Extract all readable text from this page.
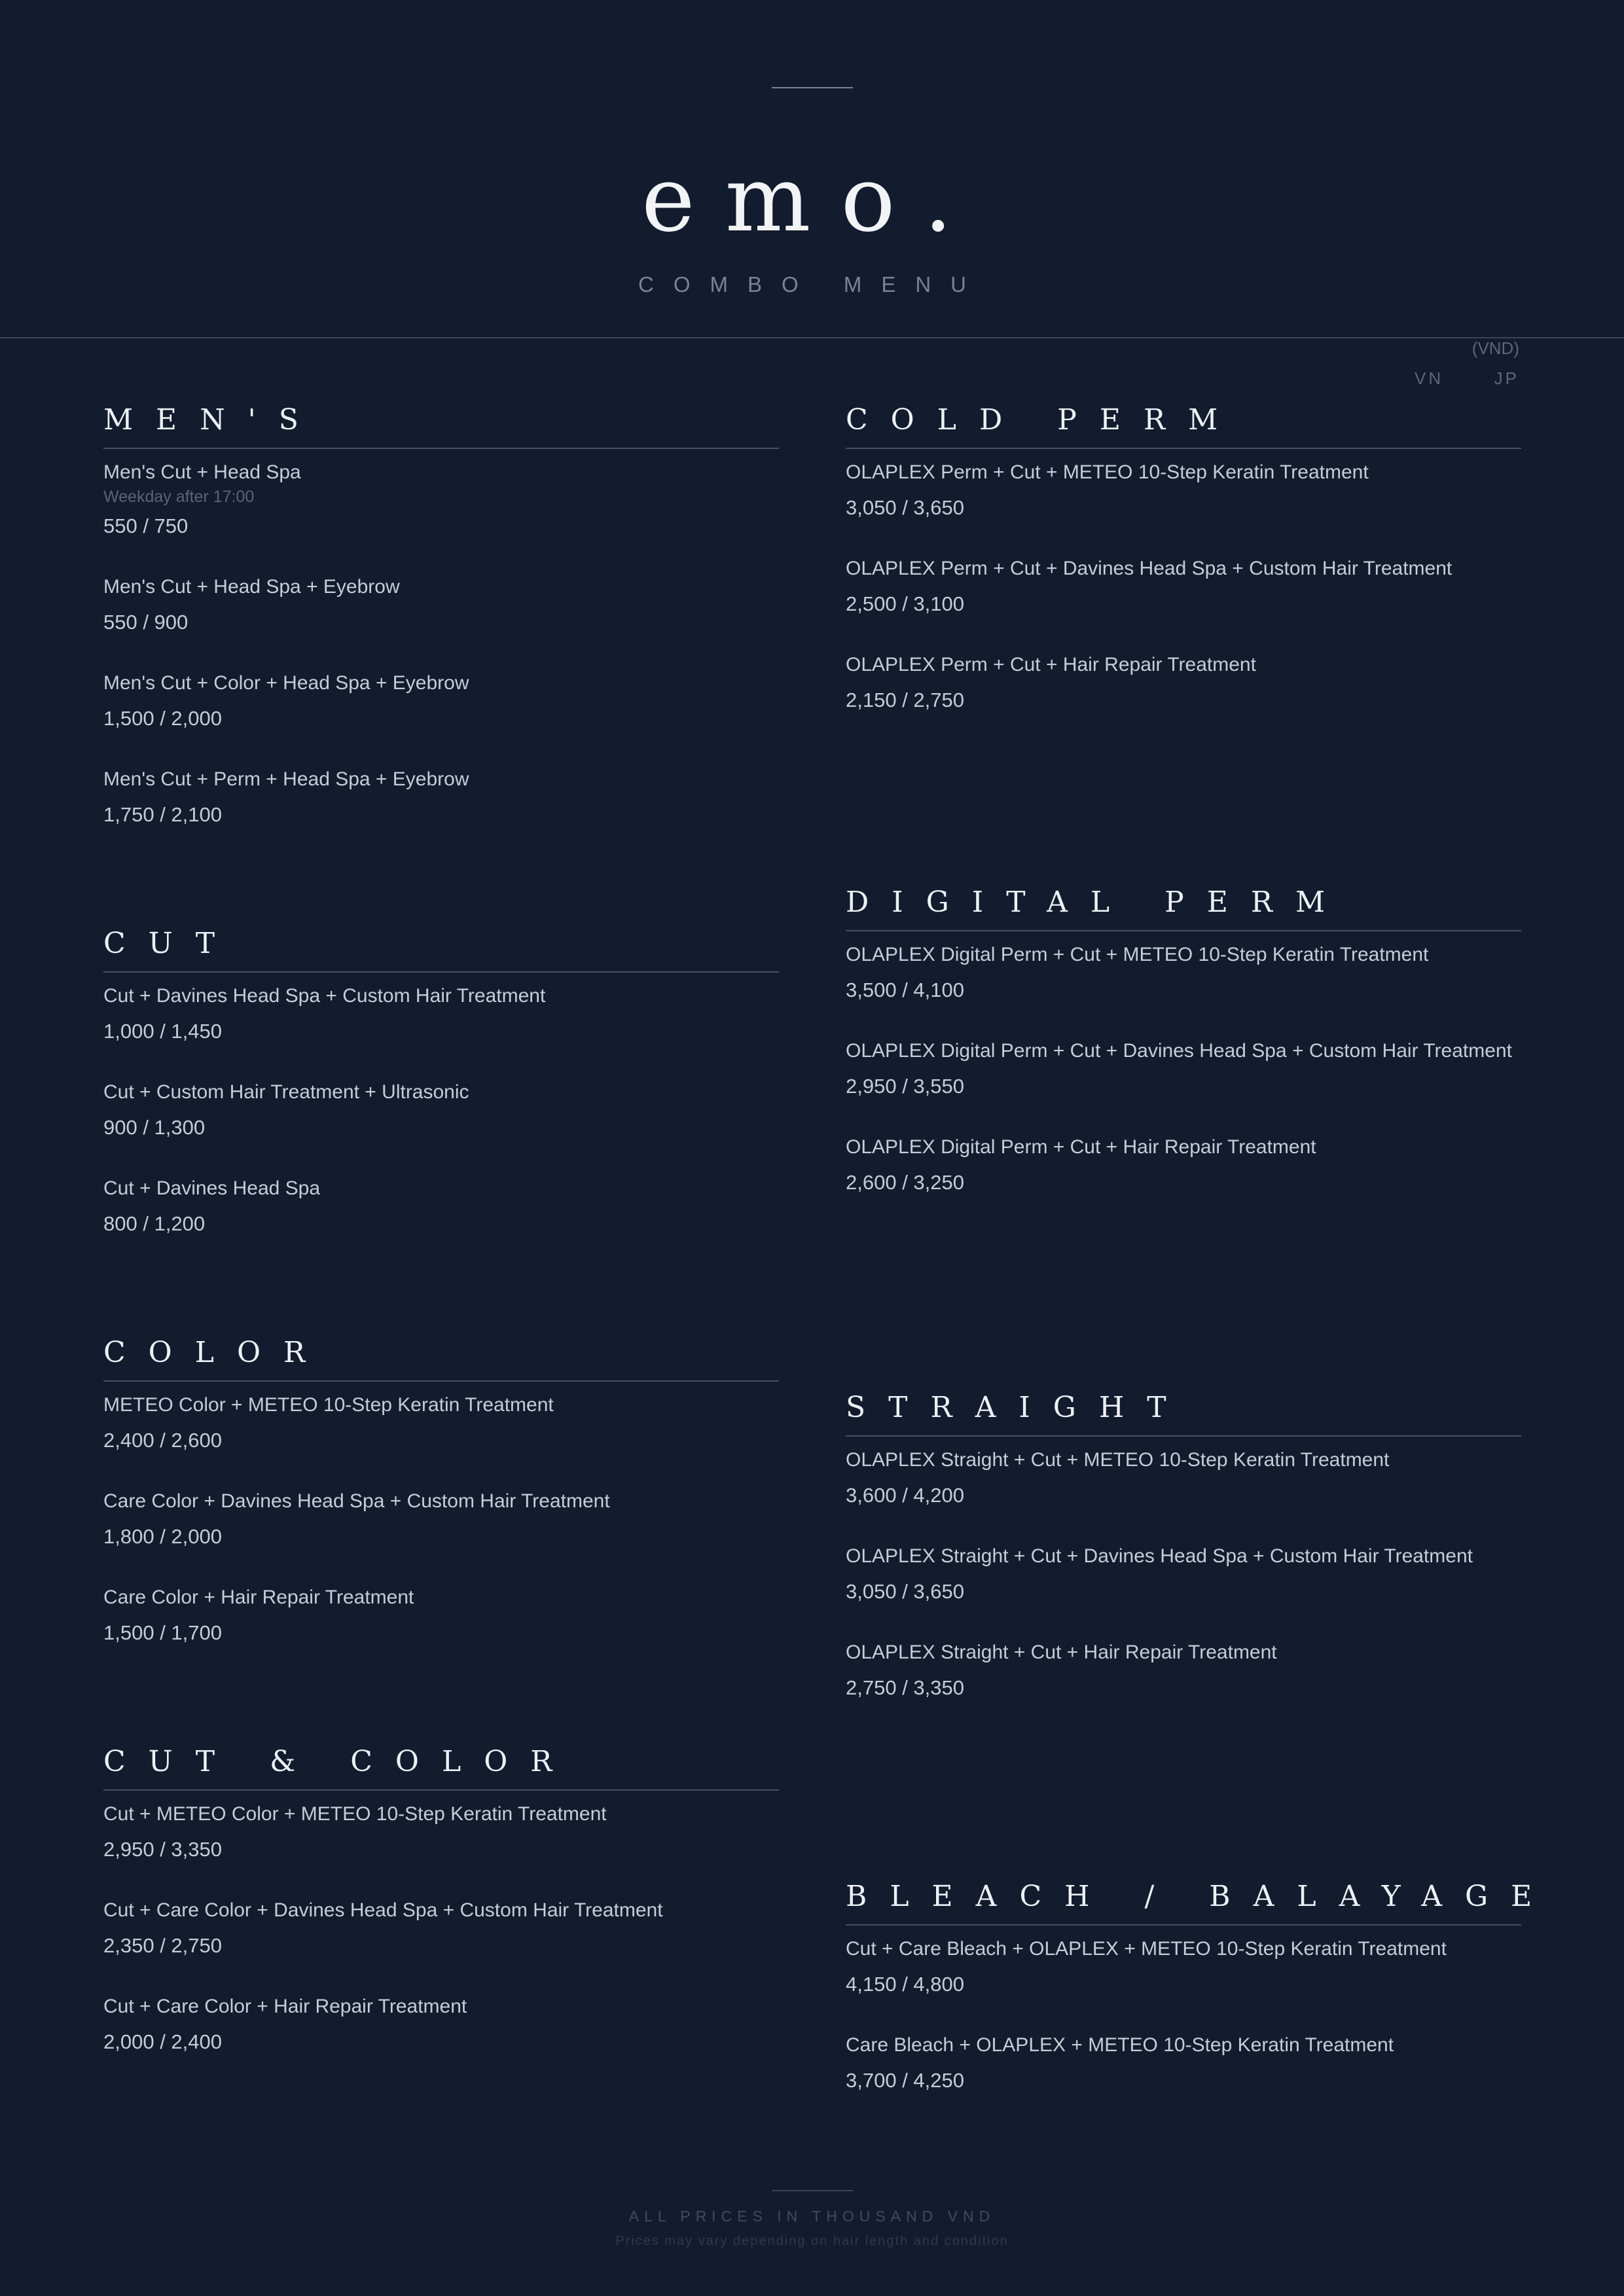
emo.
COMBO MENU
(VND)
VN	JP
MEN'S
Men's Cut + Head Spa
Weekday after 17:00
550 / 750
Men's Cut + Head Spa + Eyebrow
550 / 900
Men's Cut + Color + Head Spa + Eyebrow
1,500 / 2,000
Men's Cut + Perm + Head Spa + Eyebrow
1,750 / 2,100
CUT
Cut + Davines Head Spa + Custom Hair Treatment
1,000 / 1,450
Cut + Custom Hair Treatment + Ultrasonic
900 / 1,300
Cut + Davines Head Spa
800 / 1,200
COLOR
METEO Color + METEO 10-Step Keratin Treatment
2,400 / 2,600
Care Color + Davines Head Spa + Custom Hair Treatment
1,800 / 2,000
Care Color + Hair Repair Treatment
1,500 / 1,700
CUT & COLOR
Cut + METEO Color + METEO 10-Step Keratin Treatment
2,950 / 3,350
Cut + Care Color + Davines Head Spa + Custom Hair Treatment
2,350 / 2,750
Cut + Care Color + Hair Repair Treatment
2,000 / 2,400
COLD PERM
OLAPLEX Perm + Cut + METEO 10-Step Keratin Treatment
3,050 / 3,650
OLAPLEX Perm + Cut + Davines Head Spa + Custom Hair Treatment
2,500 / 3,100
OLAPLEX Perm + Cut + Hair Repair Treatment
2,150 / 2,750
DIGITAL PERM
OLAPLEX Digital Perm + Cut + METEO 10-Step Keratin Treatment
3,500 / 4,100
OLAPLEX Digital Perm + Cut + Davines Head Spa + Custom Hair Treatment
2,950 / 3,550
OLAPLEX Digital Perm + Cut + Hair Repair Treatment
2,600 / 3,250
STRAIGHT
OLAPLEX Straight + Cut + METEO 10-Step Keratin Treatment
3,600 / 4,200
OLAPLEX Straight + Cut + Davines Head Spa + Custom Hair Treatment
3,050 / 3,650
OLAPLEX Straight + Cut + Hair Repair Treatment
2,750 / 3,350
BLEACH / BALAYAGE
Cut + Care Bleach + OLAPLEX + METEO 10-Step Keratin Treatment
4,150 / 4,800
Care Bleach + OLAPLEX + METEO 10-Step Keratin Treatment
3,700 / 4,250
ALL PRICES IN THOUSAND VND
Prices may vary depending on hair length and condition
